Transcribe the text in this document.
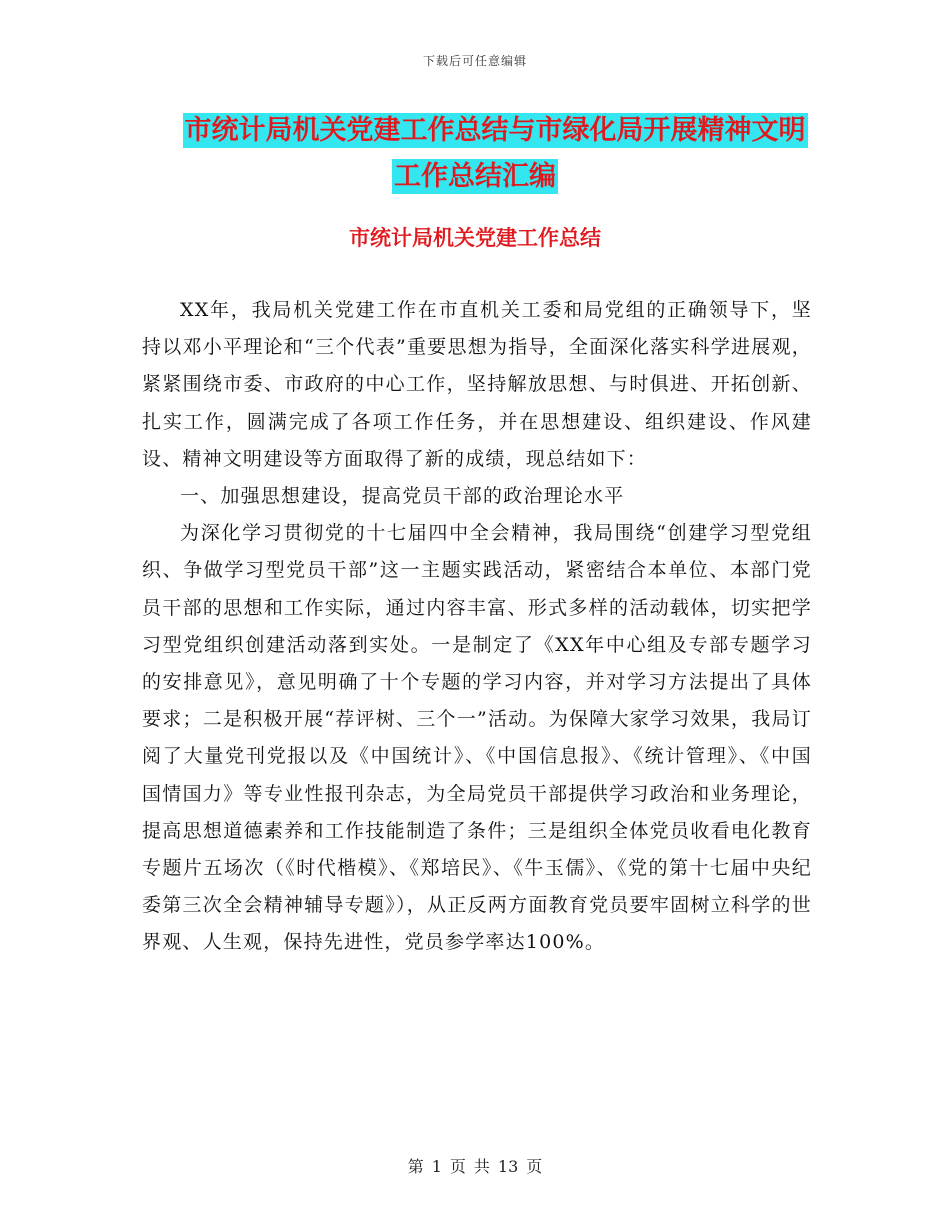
下载后可任意编辑
市统计局机关党建工作总结与市绿化局开展精神文明
工作总结汇编
市统计局机关党建工作总结

XX年，我局机关党建工作在市直机关工委和局党组的正确领导下，坚持以邓小平理论和“三个代表”重要思想为指导，全面深化落实科学进展观，紧紧围绕市委、市政府的中心工作，坚持解放思想、与时俱进、开拓创新、扎实工作，圆满完成了各项工作任务，并在思想建设、组织建设、作风建设、精神文明建设等方面取得了新的成绩，现总结如下：

一、加强思想建设，提高党员干部的政治理论水平

为深化学习贯彻党的十七届四中全会精神，我局围绕“创建学习型党组织、争做学习型党员干部”这一主题实践活动，紧密结合本单位、本部门党员干部的思想和工作实际，通过内容丰富、形式多样的活动载体，切实把学习型党组织创建活动落到实处。一是制定了《XX年中心组及专部专题学习的安排意见》，意见明确了十个专题的学习内容，并对学习方法提出了具体要求；二是积极开展“荐评树、三个一”活动。为保障大家学习效果，我局订阅了大量党刊党报以及《中国统计》、《中国信息报》、《统计管理》、《中国国情国力》等专业性报刊杂志，为全局党员干部提供学习政治和业务理论，提高思想道德素养和工作技能制造了条件；三是组织全体党员收看电化教育专题片五场次（《时代楷模》、《郑培民》、《牛玉儒》、《党的第十七届中央纪委第三次全会精神辅导专题》），从正反两方面教育党员要牢固树立科学的世界观、人生观，保持先进性，党员参学率达100%。

第 1 页 共 13 页
